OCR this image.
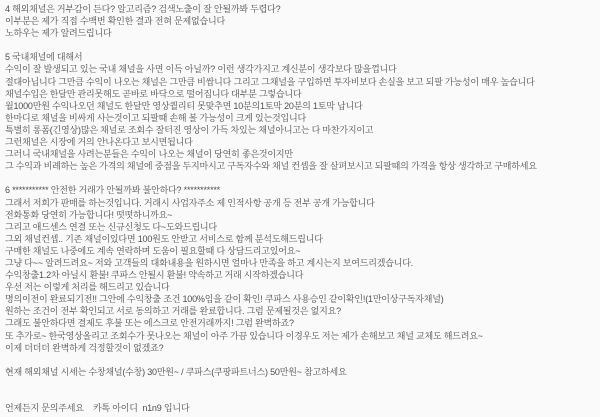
4 해외채널은 거부감이 든다? 알고리즘? 검색노출이 잘 안될까봐 두렵다?
이부분은 제가 직접 수백번 확인한 결과 전혀 문제없습니다
노하우는 제가 알려드립니다
5 국내채널에 대해서
수익이 잘 발생되고 있는 국내 채널을 사면 이득 아닐까? 이런 생각가지고 계신분이 생각보다 많을껍니다
절대아닙니다 그만큼 수익이 나오는 채널은 그만큼 비쌉니다 그리고 그채널을 구입하면 투자비보다 손실을 보고 되팔 가능성이 매우 높습니다
채널수입은 한달만 관리못해도 곧바로 바닥으로 떨어집니다 대부분 그렇습니다
월1000만원 수익나오던 채널도 한달만 영상퀄리티 못맞추면 10분의1토막 20분의 1토막 납니다
한마디로 채널을 비싸게 사는것이고 되팔때 손해 볼 가능성이 크게 있는것입니다
특별히 롱폼(긴영상)많은 채널로 조회수 잘터진 영상이 가득 차있는 채널아니고는 다 마찬가지이고
그런채널은 시장에 거의 안나온다고 보시면됩니다
그러니 국내채널을 사려는분들은 수익이 나오는 채널이 당연히 좋은것이지만
그 수익과 비례하는 높은 가격의 채널에 중점을 두지마시고 구독자수와 채널 컨셉을 잘 살펴보시고 되팔때의 가격을 항상 생각하고 구매하세요
6 *********** 안전한 거래가 안될까봐 불안하다? ***********
그래서 저희가 판매를 하는것입니다. 거래시 사업자주소 제 인적사항 공개 등 전부 공개 가능합니다
전화통화 당연히 가능합니다! 떳떳하니까요~
그리고 애드센스 연결 또는 신규신청도 다~도와드립니다
그외 채널컨셉.. 기존 채널이있다면 100원도 안받고 서비스로 함께 분석도해드립니다
구매한 채널도 나중에도 계속 연락하며 도움이 필요할때 다 상담드리고있어요~
그냥 다~~ 알려드려요~ 저와 고객들의 대화내용을 원하시면 얼마나 만족을 하고 계시는지 보여드리겠습니다.
수익창출1.2차 아닐시 환불! 쿠파스 안될시 환불! 약속하고 거래 시작하겠습니다
우선 저는 이렇게 처리를 해드리고 있습니다
명의이전이 완료되기전!! 그안에 수익창출 조건 100%임을 같이 확인! 쿠파스 사용승인 같이확인!(1만이상구독자채널)
원하는 조건이 전부 확인되고 서로 동의하고 거래를 완료합니다. 그럼 문제될것은 없지요?
그래도 불안하다면 결제도 후불 또는 에스크로 안전거래까지! 그럼 완벽하죠?
또 추가로~ 한국영상올리고 조회수가 못나오는 채널이 아주 가끔 있습니다 이경우도 저는 제가 손해보고 채널 교체도 해드려요~
이제 더더더 완벽하게 걱정할것이 없겠죠?
현재 해외채널 시세는 수창채널(수창) 30만원~ / 쿠파스(쿠팡파트너스) 50만원~ 참고하세요
언제든지 문의주세요    카톡 아이디  n1n9 입니다
